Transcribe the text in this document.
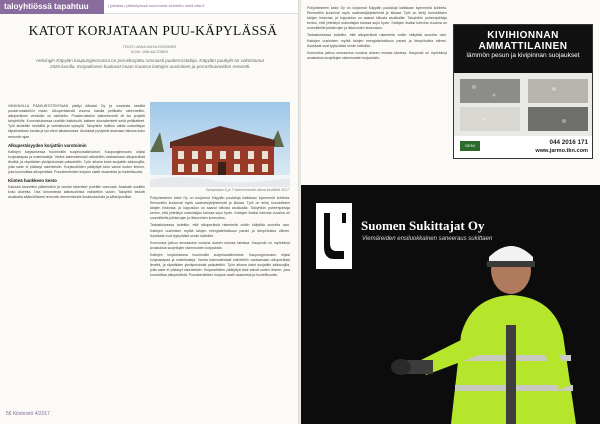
taloyhtiössä tapahtuu	| julkaistu yhteistyössä suurimmat kehitettu sekä ellsi.fi
KATOT KORJATAAN PUU-KÄPYLÄSSÄ
TEKSTI: ANNA-KAISA KOSKIMIES
KUVA: JANI AALTONEN
Helsingin Käpylän kaupunginosassa on peruskorjattu runsaasti puukerrostaloja. Käpylän puukylä on valmistunut 1920-luvulla. Korjaukseen kuuluvat muun muassa kattojen uusiminen ja porrashuoneiden remontti.

VANHAVILLA PÄÄKUNTOTEHTAAN päätyi Alikatat Oy ja vuodesta kesällä puukerrostaloihin maan. Alkuperäisestä vuonna katolla peltikatto rakennettiin, alkuperäinen vesikatto on vaihdettu. Puukerrostalon kattoremontti oli iso projekti taloyhtiölle. Kunnostuksessa uusittiin kattotuolit, katteen alusrakenteet sekä peltikatteet. Työt aloitettiin keväällä ja valmistuivat syksyllä. Taloyhtiön hallitus valitsi urakoitsijan kilpailutuksen kautta ja työ eteni aikataulussa. Asukkaat pystyivät asumaan talossa koko remontin ajan.

Alkuperäisyyden korjattiin varotoimin

Kattojen korjauksessa huomioitiin suojeluvaatimukset. Kaupunginmuseo ohjasi korjaustapaa ja materiaaleja. Vanha katemateriaali vaihdettiin vastaamaan alkuperäistä ilmettä, ja räystäiden yksityiskohdat palautettiin. Työn aikana katot suojattiin sääsuojilla, jotta sade ei päässyt rakenteisiin. Korjaustöiden päätyttyä talot saivat uuden ilmeen, joka kunnioittaa alkuperäistä. Puurakenteiden korjaus vaatii osaamista ja huolellisuutta.

Kiinteä hankkeen kesto

Kalustot kannettiin yläkertoihin ja vanhat rakenteet purettiin varovasti. Aluskate uusittiin koko alueelta. Osa lahonneista kattotuoleista vaihdettiin uusiin. Taloyhtiö tiedotti asukkaita säännöllisesti remontin etenemisestä ilmoitustaululla ja sähköpostitse.

Sampokatu 5 ja 7 kattoremontin alkua keväällä 2017.

Pohjoisesteen katot Oy on korjannut Käpylän puutaloja kaikkiaan kymmeniä kohteita. Remonttiin kuuluivat myös sadevesijärjestelmät ja tikkaat. Työt on tehty kunnioittaen talojen historiaa, ja lopputulos on saanut kiitosta asukkailta. Taloyhtiön puheenjohtaja kertoo, että yhteistyö urakoitsijan kanssa sujui hyvin. Kattojen lisäksi tulevina vuosina on suunnitteilla julkisivujen ja ikkunoiden kunnostus.

Tarkastuksessa todettiin, että alkuperäisiä rakenteita voitiin säilyttää suurelta osin. Kattojen uusimisen myötä talojen energiatehokkuus parani ja lämpöhukka väheni. Asukkaat ovat tyytyväisiä uusiin kattoihin.

Kunnostus jatkuu seuraavina vuosina alueen muissa taloissa. Kaupunki on myöntänyt avustuksia suojeltujen rakennusten korjauksiin.

Kattojen korjauksessa huomioitiin suojeluvaatimukset. Kaupunginmuseo ohjasi korjaustapaa ja materiaaleja. Vanha katemateriaali vaihdettiin vastaamaan alkuperäistä ilmettä, ja räystäiden yksityiskohdat palautettiin. Työn aikana katot suojattiin sääsuojilla, jotta sade ei päässyt rakenteisiin. Korjaustöiden päätyttyä talot saivat uuden ilmeen, joka kunnioittaa alkuperäistä. Puurakenteiden korjaus vaatii osaamista ja huolellisuutta.

56 Kiinteistö 4/2017

Pohjoisesteen katot Oy on korjannut Käpylän puutaloja kaikkiaan kymmeniä kohteita. Remonttiin kuuluivat myös sadevesijärjestelmät ja tikkaat. Työt on tehty kunnioittaen talojen historiaa, ja lopputulos on saanut kiitosta asukkailta. Taloyhtiön puheenjohtaja kertoo, että yhteistyö urakoitsijan kanssa sujui hyvin. Kattojen lisäksi tulevina vuosina on suunnitteilla julkisivujen ja ikkunoiden kunnostus.

Tarkastuksessa todettiin, että alkuperäisiä rakenteita voitiin säilyttää suurelta osin. Kattojen uusimisen myötä talojen energiatehokkuus parani ja lämpöhukka väheni. Asukkaat ovat tyytyväisiä uusiin kattoihin.

Kunnostus jatkuu seuraavina vuosina alueen muissa taloissa. Kaupunki on myöntänyt avustuksia suojeltujen rakennusten korjauksiin.

KIVIHIONNAN AMMATTILAINEN
lämmön pesun ja kivipinnan suojaukset
DENI	044 2016 171
www.jarmo.tkn.com
Suomen Sukittajat Oy
Viemäreiden ensiluokkainen saneeraus sukittaen
